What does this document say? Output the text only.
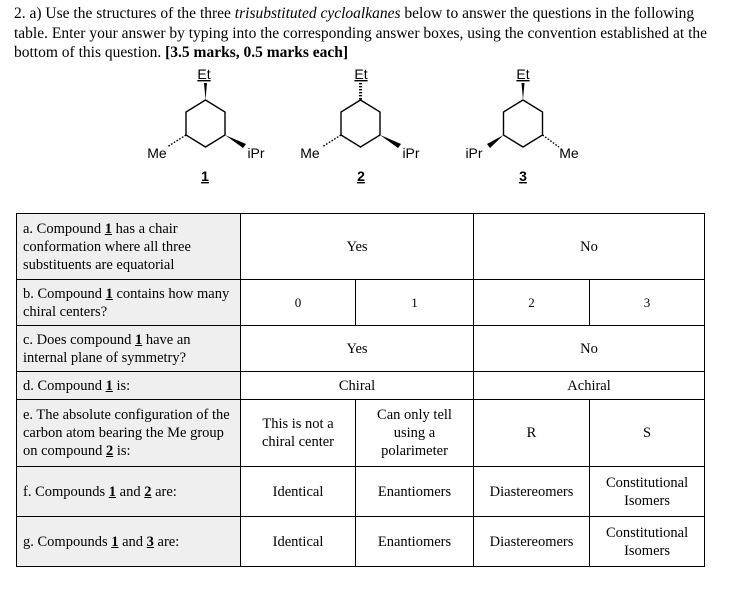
2. a) Use the structures of the three trisubstituted cycloalkanes below to answer the questions in the following table. Enter your answer by typing into the corresponding answer boxes, using the convention established at the bottom of this question. [3.5 marks, 0.5 marks each]
Et
Me	iPr
1
Et
Me	iPr
2
Et
iPr	Me
3
a. Compound 1 has a chair conformation where all three substituents are equatorial	Yes		No	
b. Compound 1 contains how many chiral centers?	0	1	2	3
c. Does compound 1 have an internal plane of symmetry?	Yes		No	
d. Compound 1 is:	Chiral		Achiral	
e. The absolute configuration of the carbon atom bearing the Me group on compound 2 is:	This is not a chiral center	Can only tell using a polarimeter	R	S
f. Compounds 1 and 2 are:	Identical	Enantiomers	Diastereomers	Constitutional Isomers
g. Compounds 1 and 3 are:	Identical	Enantiomers	Diastereomers	Constitutional Isomers
